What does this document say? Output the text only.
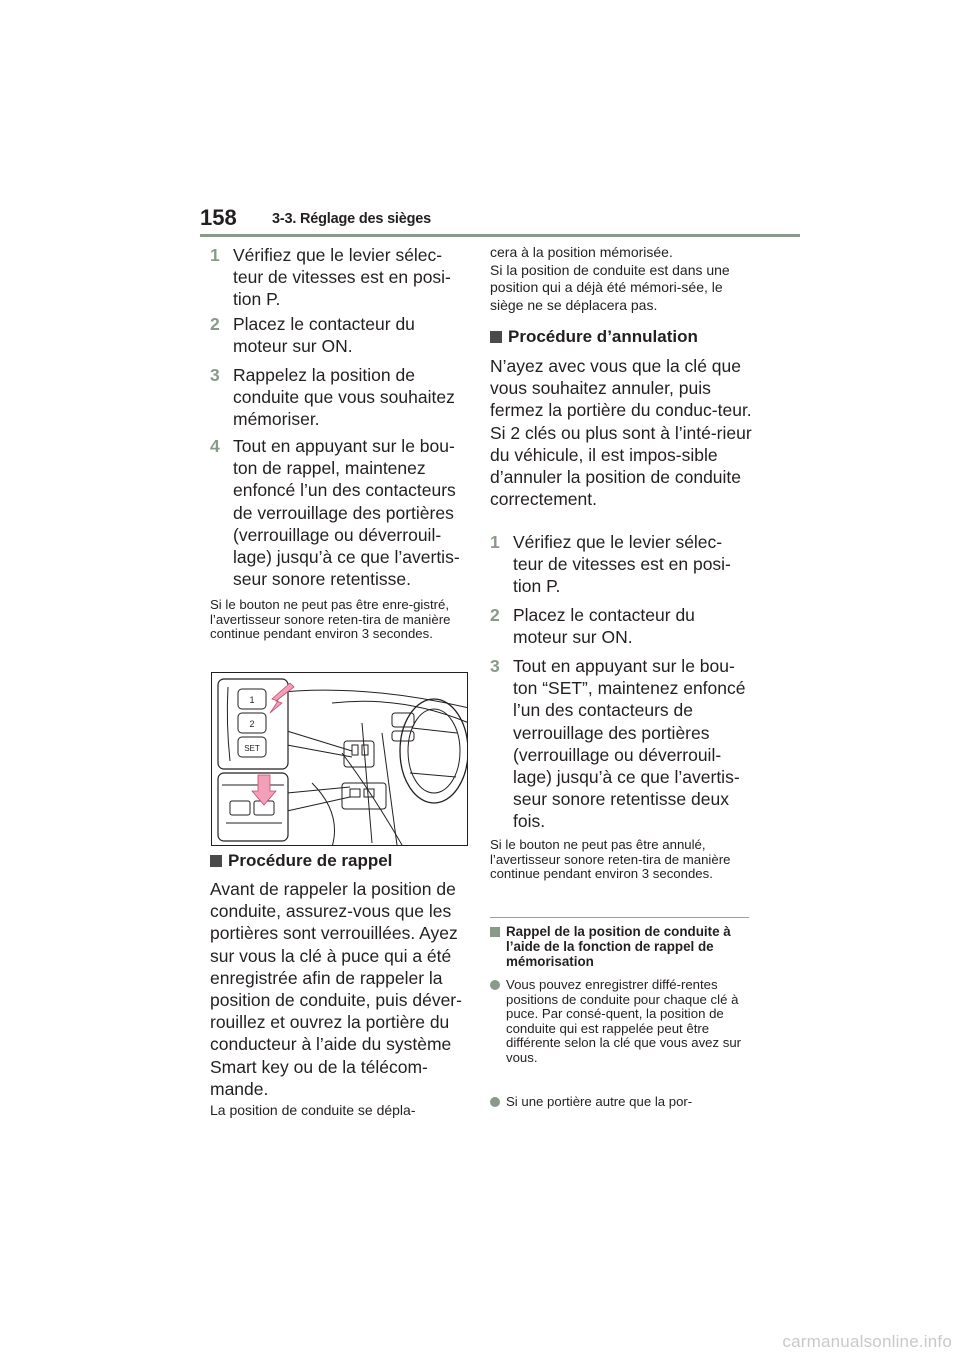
158 3-3. Réglage des sièges
1 Vérifiez que le levier sélec-teur de vitesses est en posi-tion P.
2 Placez le contacteur du moteur sur ON.
3 Rappelez la position de conduite que vous souhaitez mémoriser.
4 Tout en appuyant sur le bou-ton de rappel, maintenez enfoncé l’un des contacteurs de verrouillage des portières (verrouillage ou déverrouil-lage) jusqu’à ce que l’avertis-seur sonore retentisse.
Si le bouton ne peut pas être enre-gistré, l’avertisseur sonore reten-tira de manière continue pendant environ 3 secondes.
1
2
SET
Procédure de rappel
Avant de rappeler la position de conduite, assurez-vous que les portières sont verrouillées. Ayez sur vous la clé à puce qui a été enregistrée afin de rappeler la position de conduite, puis déver-rouillez et ouvrez la portière du conducteur à l’aide du système Smart key ou de la télécom-mande.
La position de conduite se dépla-
cera à la position mémorisée.
Si la position de conduite est dans une position qui a déjà été mémori-sée, le siège ne se déplacera pas.
Procédure d’annulation
N’ayez avec vous que la clé que vous souhaitez annuler, puis fermez la portière du conduc-teur.
Si 2 clés ou plus sont à l’inté-rieur du véhicule, il est impos-sible d’annuler la position de conduite correctement.
1 Vérifiez que le levier sélec-teur de vitesses est en posi-tion P.
2 Placez le contacteur du moteur sur ON.
3 Tout en appuyant sur le bou-ton “SET”, maintenez enfoncé l’un des contacteurs de verrouillage des portières (verrouillage ou déverrouil-lage) jusqu’à ce que l’avertis-seur sonore retentisse deux fois.
Si le bouton ne peut pas être annulé, l’avertisseur sonore reten-tira de manière continue pendant environ 3 secondes.
Rappel de la position de conduite à l’aide de la fonction de rappel de mémorisation
Vous pouvez enregistrer diffé-rentes positions de conduite pour chaque clé à puce. Par consé-quent, la position de conduite qui est rappelée peut être différente selon la clé que vous avez sur vous.
Si une portière autre que la por-
carmanualsonline.info
